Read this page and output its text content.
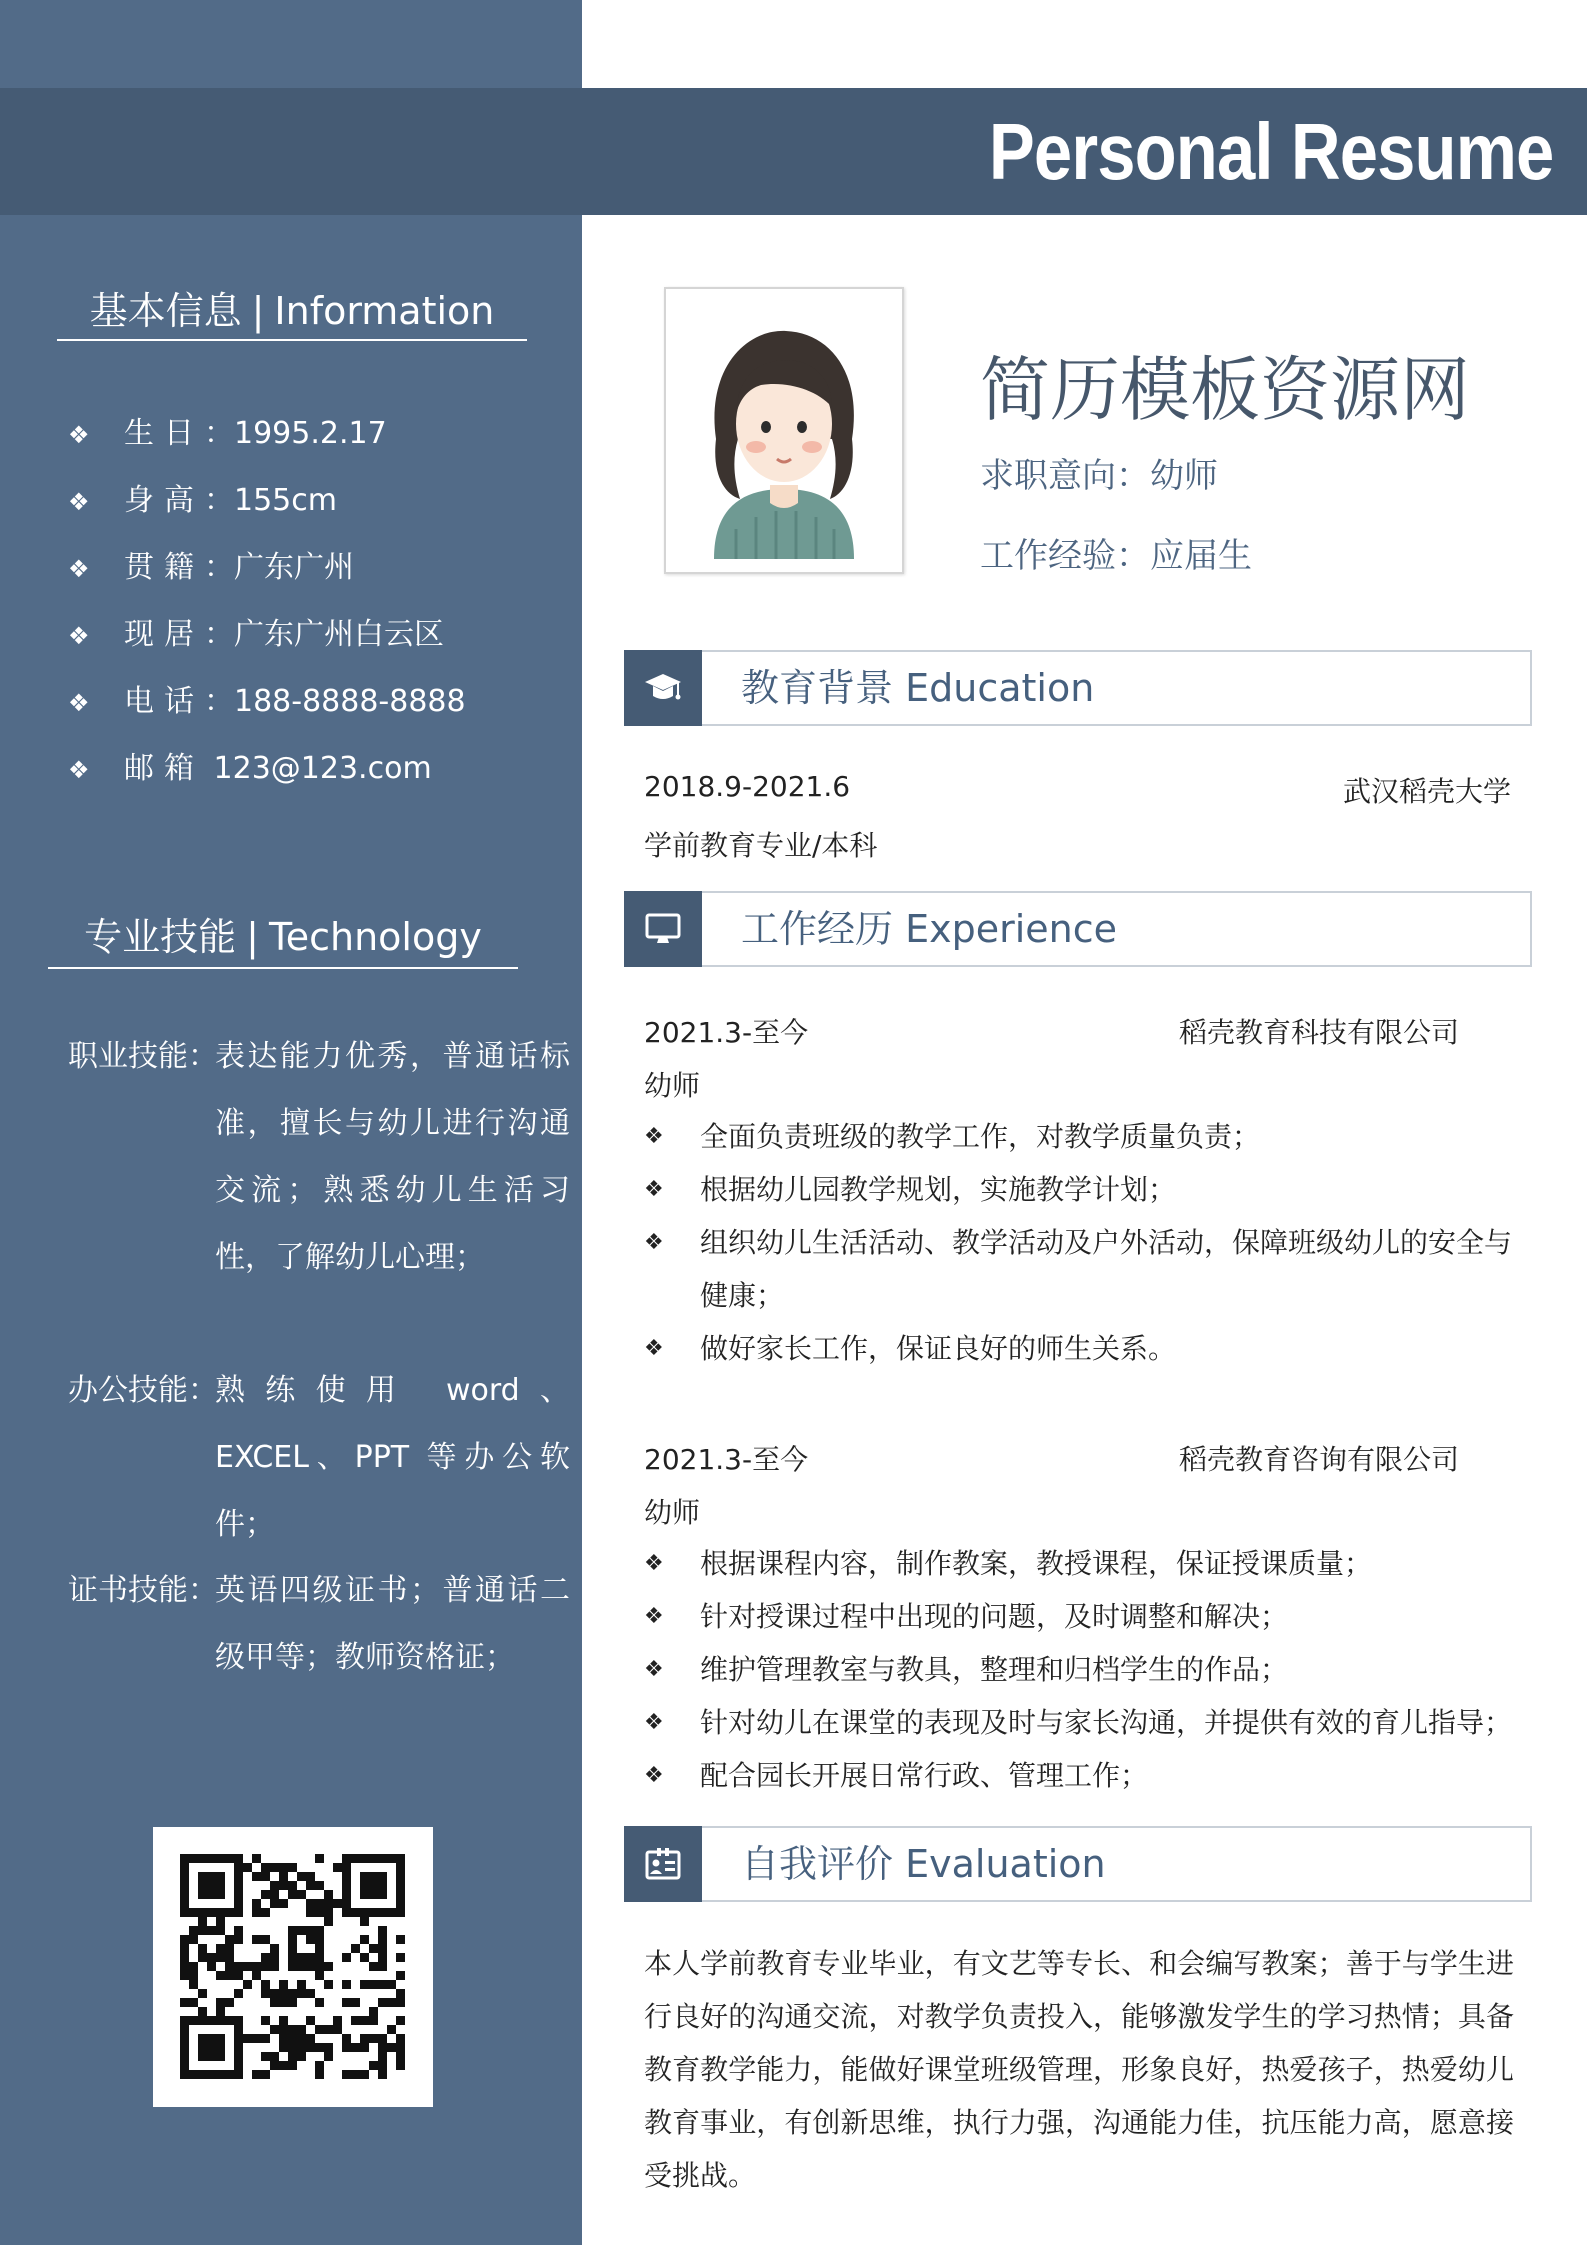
Personal Resume
基本信息 | Information
❖ 生日：1995.2.17
❖ 身高：155cm
❖ 贯籍：广东广州
❖ 现居：广东广州白云区
❖ 电话：188-8888-8888
❖ 邮箱 123@123.com
专业技能 | Technology
职业技能：
表达能力优秀，普通话标准，擅长与幼儿进行沟通交流；熟悉幼儿生活习性，了解幼儿心理；
办公技能：
熟练使用 word、EXCEL、PPT 等办公软件；
证书技能：
英语四级证书；普通话二级甲等；教师资格证；
简历模板资源网
求职意向：幼师
工作经验：应届生
教育背景 Education
2018.9-2021.6	武汉稻壳大学
学前教育专业/本科
工作经历 Experience
2021.3-至今	稻壳教育科技有限公司
幼师
❖ 全面负责班级的教学工作，对教学质量负责；
❖ 根据幼儿园教学规划，实施教学计划；
❖ 组织幼儿生活活动、教学活动及户外活动，保障班级幼儿的安全与健康；
❖ 做好家长工作，保证良好的师生关系。
2021.3-至今	稻壳教育咨询有限公司
幼师
❖ 根据课程内容，制作教案，教授课程，保证授课质量；
❖ 针对授课过程中出现的问题，及时调整和解决；
❖ 维护管理教室与教具，整理和归档学生的作品；
❖ 针对幼儿在课堂的表现及时与家长沟通，并提供有效的育儿指导；
❖ 配合园长开展日常行政、管理工作；
自我评价 Evaluation
本人学前教育专业毕业，有文艺等专长、和会编写教案；善于与学生进行良好的沟通交流，对教学负责投入，能够激发学生的学习热情；具备教育教学能力，能做好课堂班级管理，形象良好，热爱孩子，热爱幼儿教育事业，有创新思维，执行力强，沟通能力佳，抗压能力高，愿意接受挑战。
